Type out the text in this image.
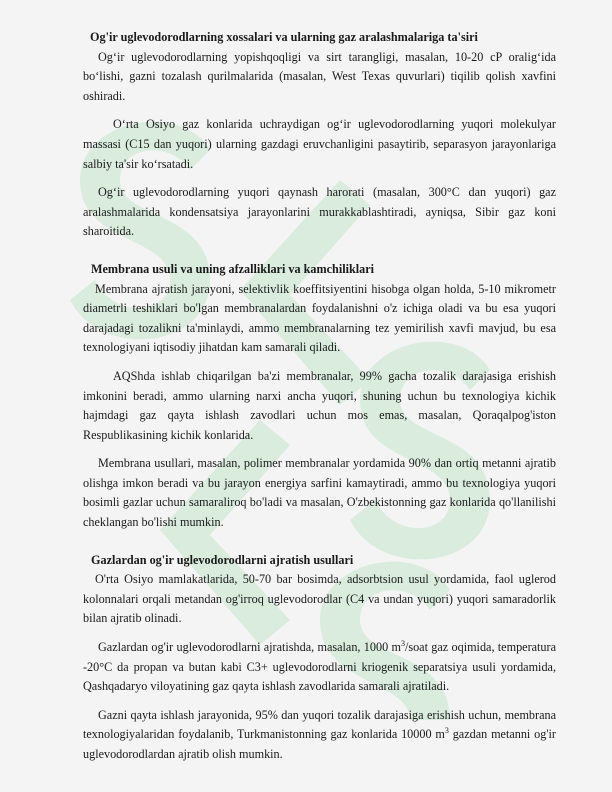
Og'ir uglevodorodlarning xossalari va ularning gaz aralashmalariga ta'siri

Og‘ir uglevodorodlarning yopishqoqligi va sirt tarangligi, masalan, 10-20 cP oralig‘ida bo‘lishi, gazni tozalash qurilmalarida (masalan, West Texas quvurlari) tiqilib qolish xavfini oshiradi.

O‘rta Osiyo gaz konlarida uchraydigan og‘ir uglevodorodlarning yuqori molekulyar massasi (C15 dan yuqori) ularning gazdagi eruvchanligini pasaytirib, separasyon jarayonlariga salbiy ta'sir ko‘rsatadi.

Og‘ir uglevodorodlarning yuqori qaynash harorati (masalan, 300°C dan yuqori) gaz aralashmalarida kondensatsiya jarayonlarini murakkablashtiradi, ayniqsa, Sibir gaz koni sharoitida.

Membrana usuli va uning afzalliklari va kamchiliklari

Membrana ajratish jarayoni, selektivlik koeffitsiyentini hisobga olgan holda, 5-10 mikrometr diametrli teshiklari bo'lgan membranalardan foydalanishni o'z ichiga oladi va bu esa yuqori darajadagi tozalikni ta'minlaydi, ammo membranalarning tez yemirilish xavfi mavjud, bu esa texnologiyani iqtisodiy jihatdan kam samarali qiladi.

AQShda ishlab chiqarilgan ba'zi membranalar, 99% gacha tozalik darajasiga erishish imkonini beradi, ammo ularning narxi ancha yuqori, shuning uchun bu texnologiya kichik hajmdagi gaz qayta ishlash zavodlari uchun mos emas, masalan, Qoraqalpog'iston Respublikasining kichik konlarida.

Membrana usullari, masalan, polimer membranalar yordamida 90% dan ortiq metanni ajratib olishga imkon beradi va bu jarayon energiya sarfini kamaytiradi, ammo bu texnologiya yuqori bosimli gazlar uchun samaraliroq bo'ladi va masalan, O'zbekistonning gaz konlarida qo'llanilishi cheklangan bo'lishi mumkin.

Gazlardan og'ir uglevodorodlarni ajratish usullari

O'rta Osiyo mamlakatlarida, 50-70 bar bosimda, adsorbtsion usul yordamida, faol uglerod kolonnalari orqali metandan og'irroq uglevodorodlar (C4 va undan yuqori) yuqori samaradorlik bilan ajratib olinadi.

Gazlardan og'ir uglevodorodlarni ajratishda, masalan, 1000 $m^3$/soat gaz oqimida, temperatura -20°C da propan va butan kabi C3+ uglevodorodlarni kriogenik separatsiya usuli yordamida, Qashqadaryo viloyatining gaz qayta ishlash zavodlarida samarali ajratiladi.

Gazni qayta ishlash jarayonida, 95% dan yuqori tozalik darajasiga erishish uchun, membrana texnologiyalaridan foydalanib, Turkmanistonning gaz konlarida 10000 $m^3$ gazdan metanni og'ir uglevodorodlardan ajratib olish mumkin.
